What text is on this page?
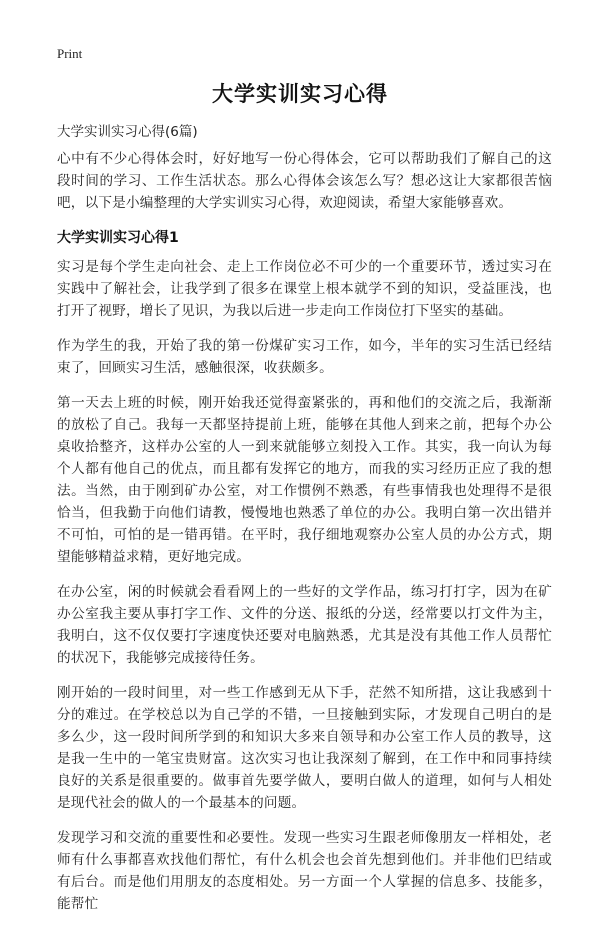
Print
大学实训实习心得
大学实训实习心得(6篇)

心中有不少心得体会时，好好地写一份心得体会，它可以帮助我们了解自己的这段时间的学习、工作生活状态。那么心得体会该怎么写？想必这让大家都很苦恼吧，以下是小编整理的大学实训实习心得，欢迎阅读，希望大家能够喜欢。

大学实训实习心得1

实习是每个学生走向社会、走上工作岗位必不可少的一个重要环节，透过实习在实践中了解社会，让我学到了很多在课堂上根本就学不到的知识，受益匪浅，也打开了视野，增长了见识，为我以后进一步走向工作岗位打下坚实的基础。

作为学生的我，开始了我的第一份煤矿实习工作，如今，半年的实习生活已经结束了，回顾实习生活，感触很深，收获颇多。

第一天去上班的时候，刚开始我还觉得蛮紧张的，再和他们的交流之后，我渐渐的放松了自己。我每一天都坚持提前上班，能够在其他人到来之前，把每个办公桌收拾整齐，这样办公室的人一到来就能够立刻投入工作。其实，我一向认为每个人都有他自己的优点，而且都有发挥它的地方，而我的实习经历正应了我的想法。当然，由于刚到矿办公室，对工作惯例不熟悉，有些事情我也处理得不是很恰当，但我勤于向他们请教，慢慢地也熟悉了单位的办公。我明白第一次出错并不可怕，可怕的是一错再错。在平时，我仔细地观察办公室人员的办公方式，期望能够精益求精，更好地完成。

在办公室，闲的时候就会看看网上的一些好的文学作品，练习打打字，因为在矿办公室我主要从事打字工作、文件的分送、报纸的分送，经常要以打文件为主，我明白，这不仅仅要打字速度快还要对电脑熟悉，尤其是没有其他工作人员帮忙的状况下，我能够完成接待任务。

刚开始的一段时间里，对一些工作感到无从下手，茫然不知所措，这让我感到十分的难过。在学校总以为自己学的不错，一旦接触到实际，才发现自己明白的是多么少，这一段时间所学到的和知识大多来自领导和办公室工作人员的教导，这是我一生中的一笔宝贵财富。这次实习也让我深刻了解到，在工作中和同事持续良好的关系是很重要的。做事首先要学做人，要明白做人的道理，如何与人相处是现代社会的做人的一个最基本的问题。

发现学习和交流的重要性和必要性。发现一些实习生跟老师像朋友一样相处，老师有什么事都喜欢找他们帮忙，有什么机会也会首先想到他们。并非他们巴结或有后台。而是他们用朋友的态度相处。另一方面一个人掌握的信息多、技能多，能帮忙
